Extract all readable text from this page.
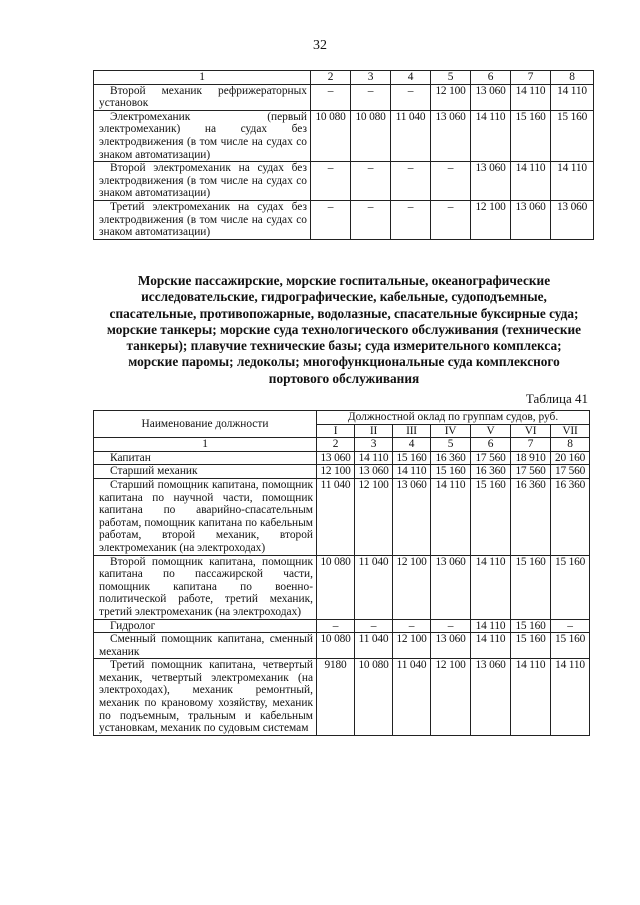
32
1	2	3	4	5	6	7	8
Второй механик рефрижераторных установок	–	–	–	12 100	13 060	14 110	14 110
Электромеханик (первый электромеханик) на судах без электродвижения (в том числе на судах со знаком автоматизации)	10 080	10 080	11 040	13 060	14 110	15 160	15 160
Второй электромеханик на судах без электродвижения (в том числе на судах со знаком автоматизации)	–	–	–	–	13 060	14 110	14 110
Третий электромеханик на судах без электродвижения (в том числе на судах со знаком автоматизации)	–	–	–	–	12 100	13 060	13 060
Морские пассажирские, морские госпитальные, океанографические исследовательские, гидрографические, кабельные, судоподъемные, спасательные, противопожарные, водолазные, спасательные буксирные суда; морские танкеры; морские суда технологического обслуживания (технические танкеры); плавучие технические базы; суда измерительного комплекса; морские паромы; ледоколы; многофункциональные суда комплексного портового обслуживания
Таблица 41
Наименование должности	Должностной оклад по группам судов, руб.						
	I	II	III	IV	V	VI	VII
1	2	3	4	5	6	7	8
Капитан	13 060	14 110	15 160	16 360	17 560	18 910	20 160
Старший механик	12 100	13 060	14 110	15 160	16 360	17 560	17 560
Старший помощник капитана, помощник капитана по научной части, помощник капитана по аварийно-спасательным работам, помощник капитана по кабельным работам, второй механик, второй электромеханик (на электроходах)	11 040	12 100	13 060	14 110	15 160	16 360	16 360
Второй помощник капитана, помощник капитана по пассажирской части, помощник капитана по военно-политической работе, третий механик, третий электромеханик (на электроходах)	10 080	11 040	12 100	13 060	14 110	15 160	15 160
Гидролог	–	–	–	–	14 110	15 160	–
Сменный помощник капитана, сменный механик	10 080	11 040	12 100	13 060	14 110	15 160	15 160
Третий помощник капитана, четвертый механик, четвертый электромеханик (на электроходах), механик ремонтный, механик по крановому хозяйству, механик по подъемным, тральным и кабельным установкам, механик по судовым системам	9180	10 080	11 040	12 100	13 060	14 110	14 110
